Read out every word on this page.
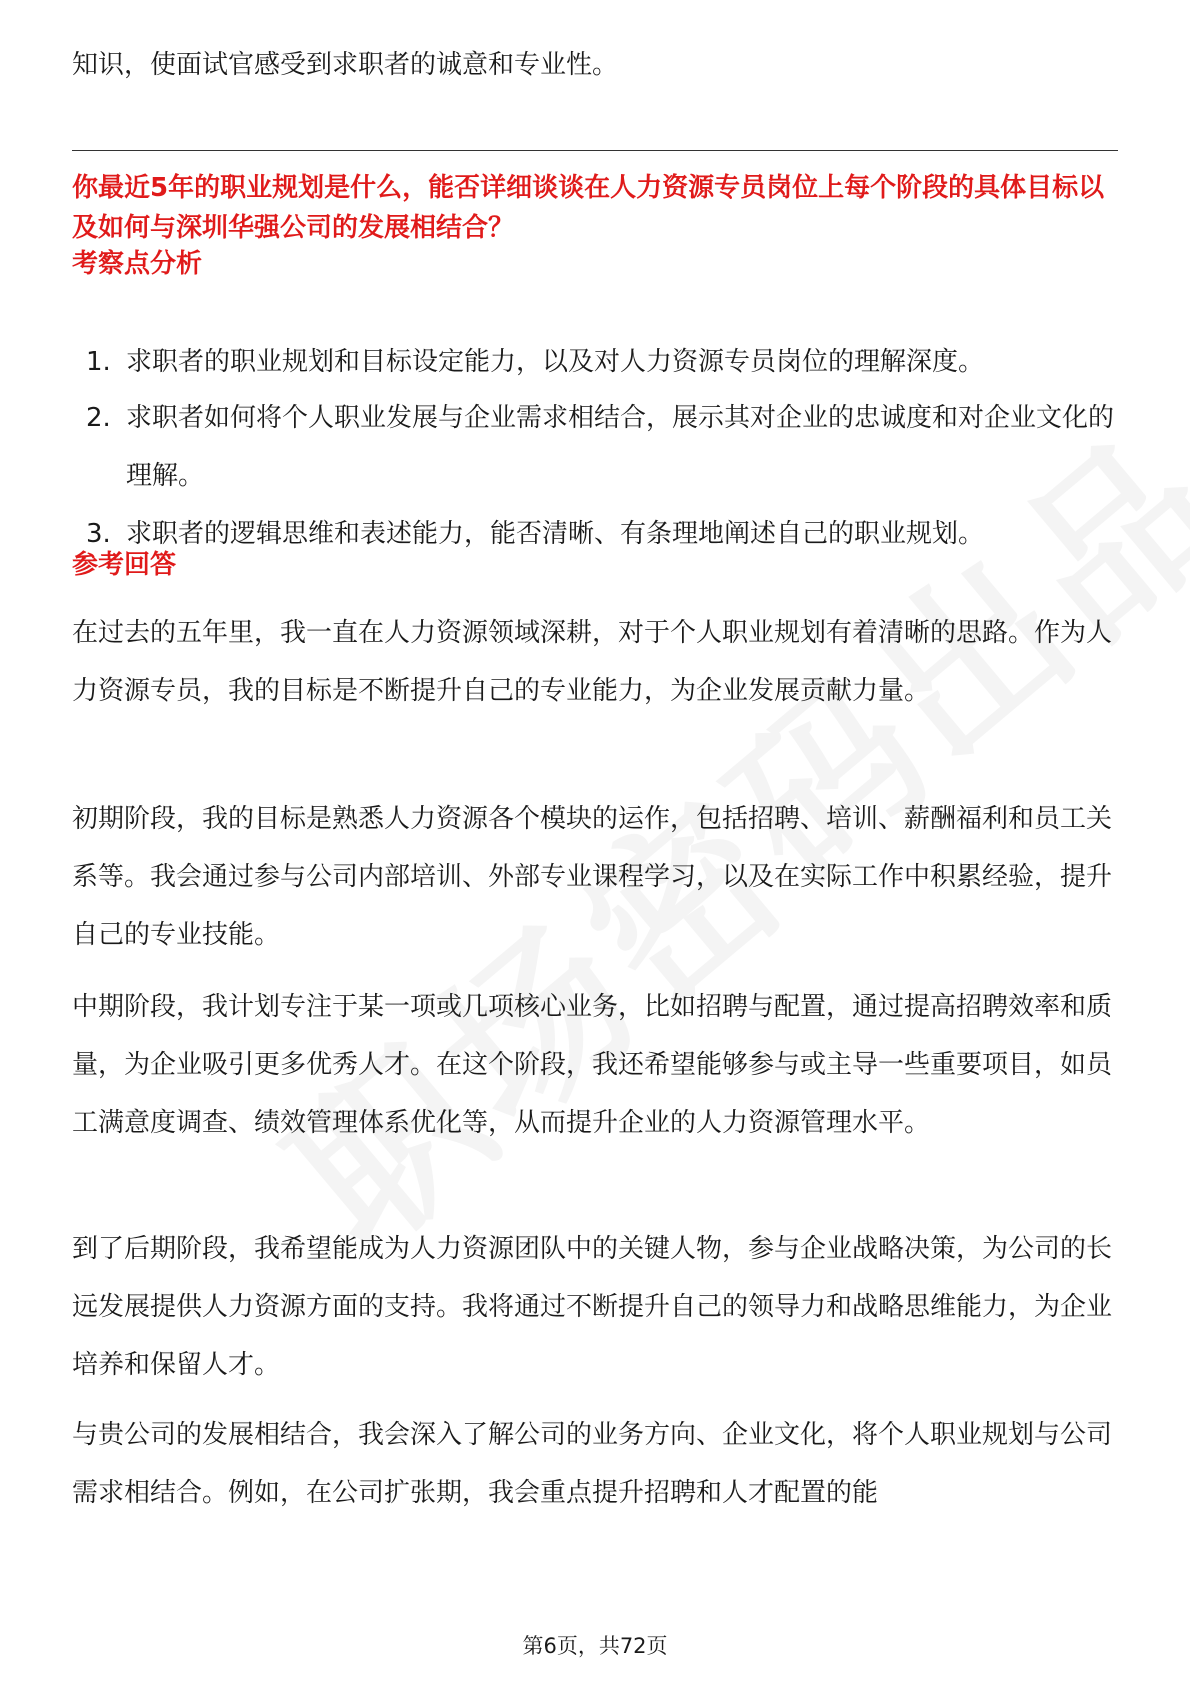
知识，使面试官感受到求职者的诚意和专业性。

你最近5年的职业规划是什么，能否详细谈谈在人力资源专员岗位上每个阶段的具体目标以及如何与深圳华强公司的发展相结合？
考察点分析
1. 求职者的职业规划和目标设定能力，以及对人力资源专员岗位的理解深度。
2. 求职者如何将个人职业发展与企业需求相结合，展示其对企业的忠诚度和对企业文化的理解。
3. 求职者的逻辑思维和表述能力，能否清晰、有条理地阐述自己的职业规划。
参考回答

在过去的五年里，我一直在人力资源领域深耕，对于个人职业规划有着清晰的思路。作为人力资源专员，我的目标是不断提升自己的专业能力，为企业发展贡献力量。

初期阶段，我的目标是熟悉人力资源各个模块的运作，包括招聘、培训、薪酬福利和员工关系等。我会通过参与公司内部培训、外部专业课程学习，以及在实际工作中积累经验，提升自己的专业技能。

中期阶段，我计划专注于某一项或几项核心业务，比如招聘与配置，通过提高招聘效率和质量，为企业吸引更多优秀人才。在这个阶段，我还希望能够参与或主导一些重要项目，如员工满意度调查、绩效管理体系优化等，从而提升企业的人力资源管理水平。

到了后期阶段，我希望能成为人力资源团队中的关键人物，参与企业战略决策，为公司的长远发展提供人力资源方面的支持。我将通过不断提升自己的领导力和战略思维能力，为企业培养和保留人才。

与贵公司的发展相结合，我会深入了解公司的业务方向、企业文化，将个人职业规划与公司需求相结合。例如，在公司扩张期，我会重点提升招聘和人才配置的能

第6页，共72页
